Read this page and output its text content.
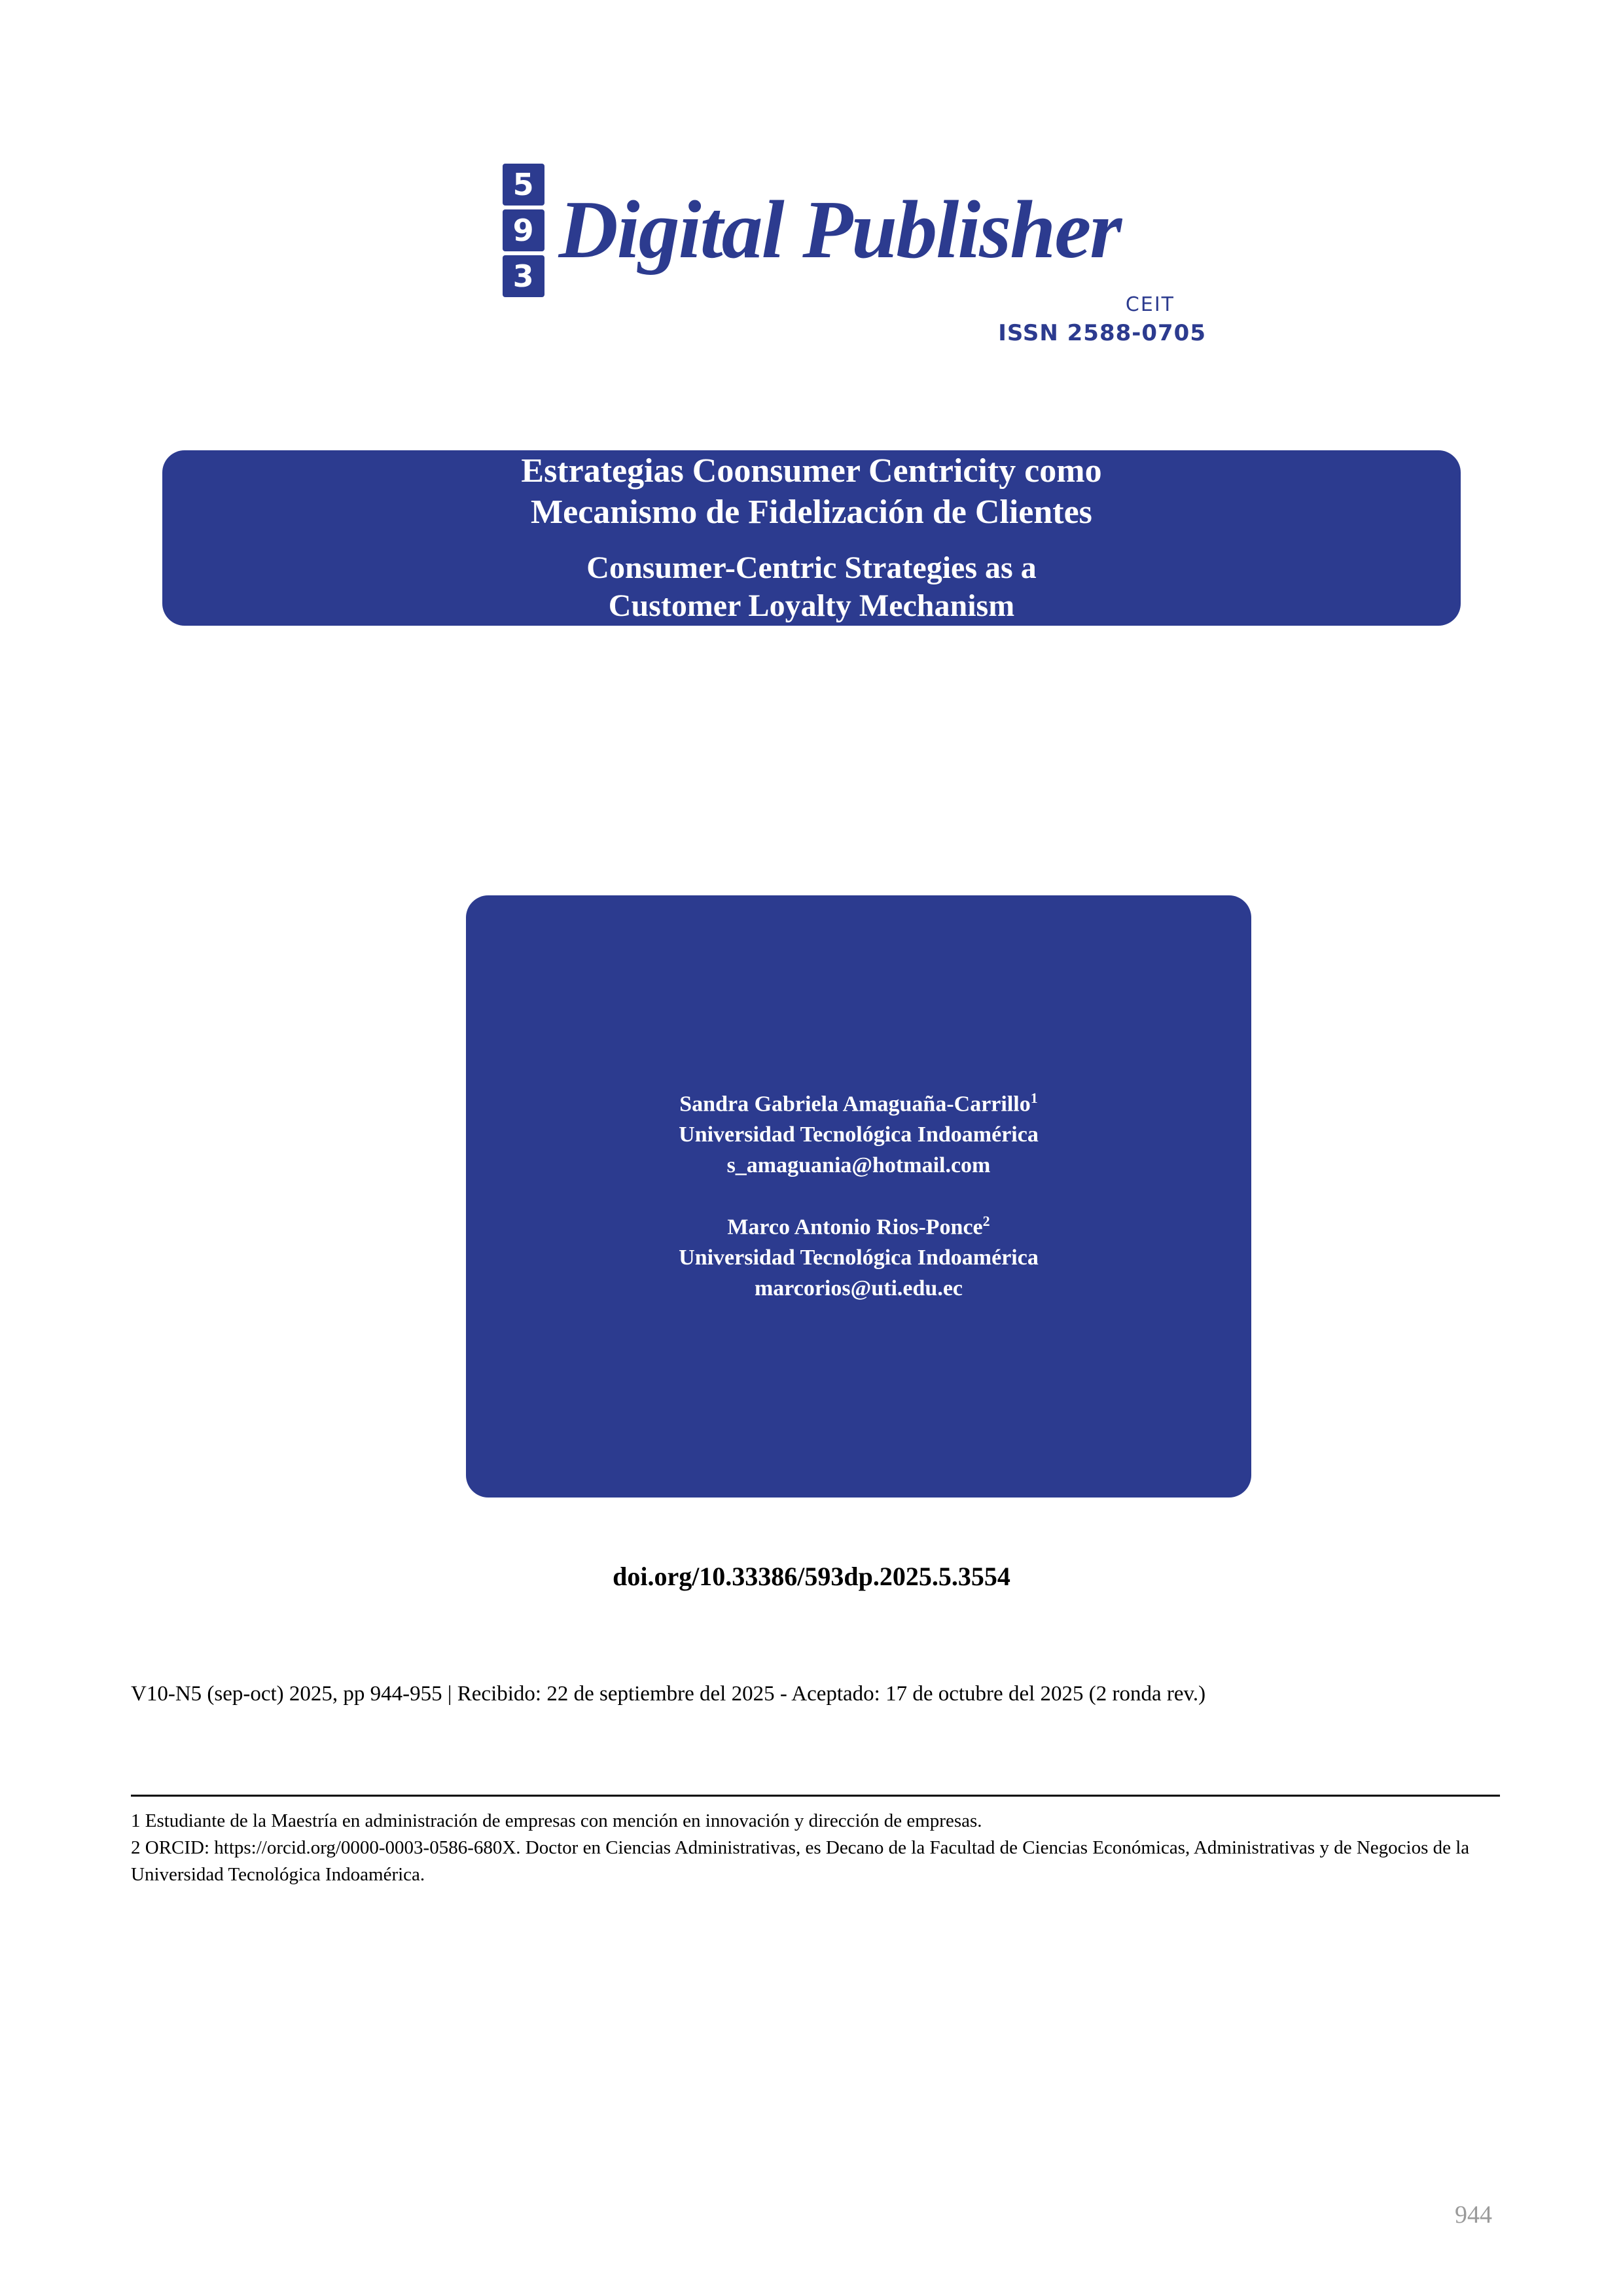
5
9
3
Digital Publisher
CEIT
ISSN 2588-0705
Estrategias Coonsumer Centricity como
Mecanismo de Fidelización de Clientes
Consumer-Centric Strategies as a
Customer Loyalty Mechanism
Sandra Gabriela Amaguaña-Carrillo$^1$
Universidad Tecnológica Indoamérica
s_amaguania@hotmail.com
Marco Antonio Rios-Ponce$^2$
Universidad Tecnológica Indoamérica
marcorios@uti.edu.ec
doi.org/10.33386/593dp.2025.5.3554
V10-N5 (sep-oct) 2025, pp 944-955 | Recibido: 22 de septiembre del 2025 - Aceptado: 17 de octubre del 2025 (2 ronda rev.)

1 Estudiante de la Maestría en administración de empresas con mención en innovación y dirección de empresas.

2 ORCID: https://orcid.org/0000-0003-0586-680X. Doctor en Ciencias Administrativas, es Decano de la Facultad de Ciencias Económicas, Administrativas y de Negocios de la Universidad Tecnológica Indoamérica.

944
